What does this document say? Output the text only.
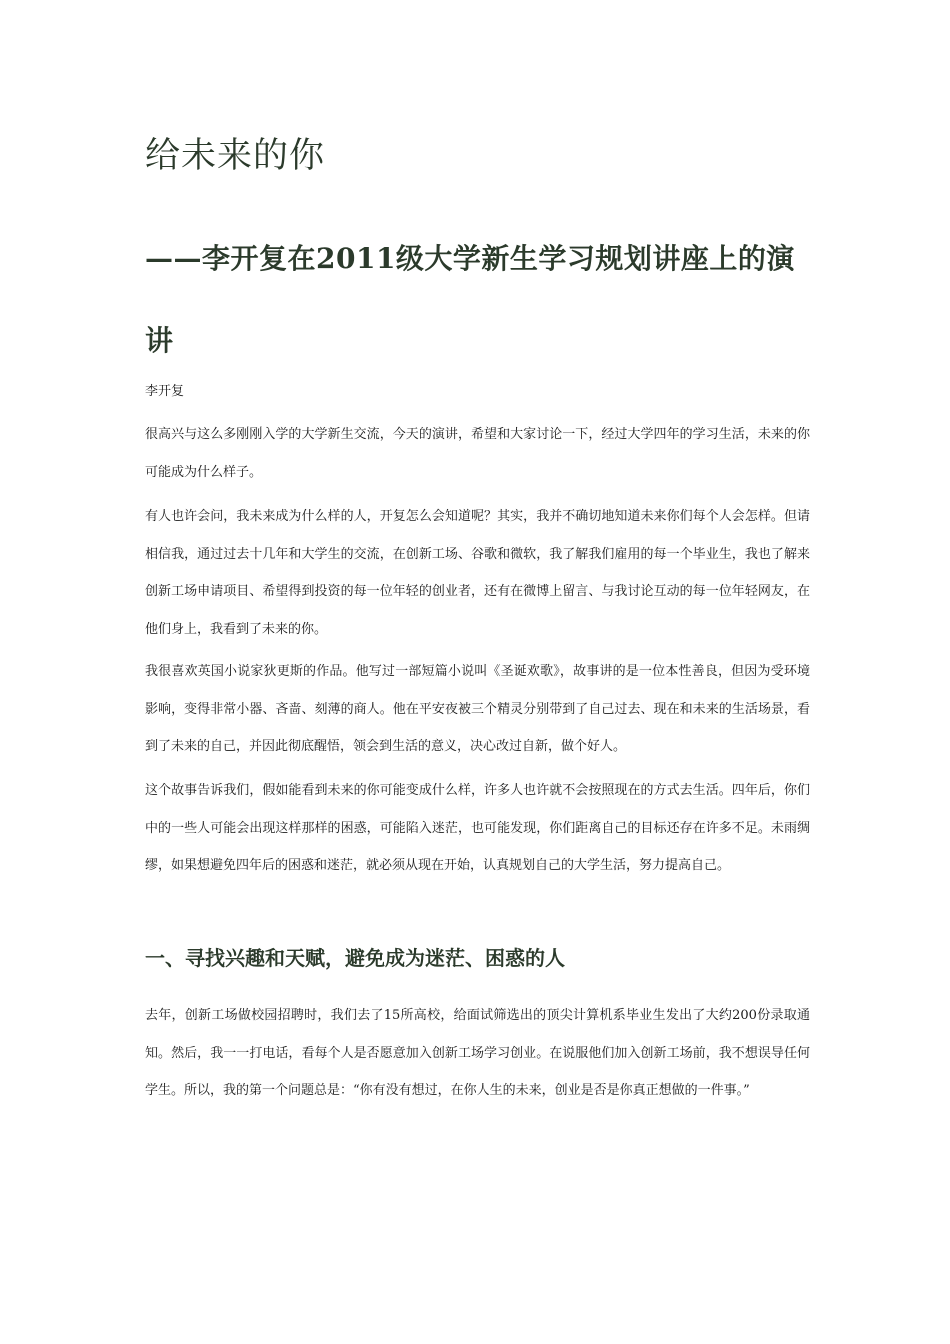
给未来的你
——李开复在2011级大学新生学习规划讲座上的演讲

李开复

很高兴与这么多刚刚入学的大学新生交流，今天的演讲，希望和大家讨论一下，经过大学四年的学习生活，未来的你可能成为什么样子。

有人也许会问，我未来成为什么样的人，开复怎么会知道呢？其实，我并不确切地知道未来你们每个人会怎样。但请相信我，通过过去十几年和大学生的交流，在创新工场、谷歌和微软，我了解我们雇用的每一个毕业生，我也了解来创新工场申请项目、希望得到投资的每一位年轻的创业者，还有在微博上留言、与我讨论互动的每一位年轻网友，在他们身上，我看到了未来的你。

我很喜欢英国小说家狄更斯的作品。他写过一部短篇小说叫《圣诞欢歌》，故事讲的是一位本性善良，但因为受环境影响，变得非常小器、吝啬、刻薄的商人。他在平安夜被三个精灵分别带到了自己过去、现在和未来的生活场景，看到了未来的自己，并因此彻底醒悟，领会到生活的意义，决心改过自新，做个好人。

这个故事告诉我们，假如能看到未来的你可能变成什么样，许多人也许就不会按照现在的方式去生活。四年后，你们中的一些人可能会出现这样那样的困惑，可能陷入迷茫，也可能发现，你们距离自己的目标还存在许多不足。未雨绸缪，如果想避免四年后的困惑和迷茫，就必须从现在开始，认真规划自己的大学生活，努力提高自己。

一、寻找兴趣和天赋，避免成为迷茫、困惑的人

去年，创新工场做校园招聘时，我们去了15所高校，给面试筛选出的顶尖计算机系毕业生发出了大约200份录取通知。然后，我一一打电话，看每个人是否愿意加入创新工场学习创业。在说服他们加入创新工场前，我不想误导任何学生。所以，我的第一个问题总是：“你有没有想过，在你人生的未来，创业是否是你真正想做的一件事。”
